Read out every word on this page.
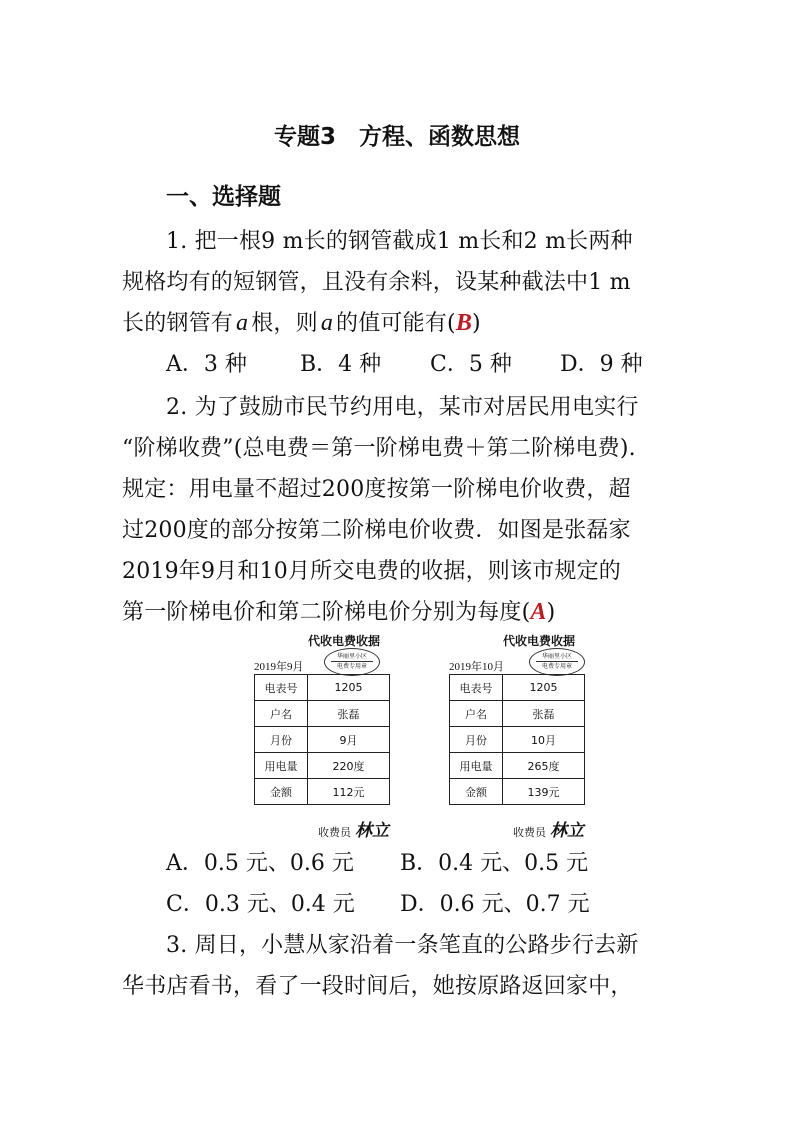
专题3　方程、函数思想
一、选择题
1. 把一根9 m长的钢管截成1 m长和2 m长两种
规格均有的短钢管，且没有余料，设某种截法中1 m
长的钢管有 a 根，则 a 的值可能有(B)
A．3 种 B．4 种 C．5 种 D．9 种
2. 为了鼓励市民节约用电，某市对居民用电实行
“阶梯收费”(总电费＝第一阶梯电费＋第二阶梯电费).
规定：用电量不超过200度按第一阶梯电价收费，超
过200度的部分按第二阶梯电价收费．如图是张磊家
2019年9月和10月所交电费的收据，则该市规定的
第一阶梯电价和第二阶梯电价分别为每度(A)
代收电费收据
2019年9月
华丽里小区
电费专用章
电表号	1205
户名	张磊
月份	9月
用电量	220度
金额	112元
收费员 林立
代收电费收据
2019年10月
华丽里小区
电费专用章
电表号	1205
户名	张磊
月份	10月
用电量	265度
金额	139元
收费员 林立
A．0.5 元、0.6 元 B．0.4 元、0.5 元
C．0.3 元、0.4 元 D．0.6 元、0.7 元
3. 周日，小慧从家沿着一条笔直的公路步行去新
华书店看书，看了一段时间后，她按原路返回家中，
